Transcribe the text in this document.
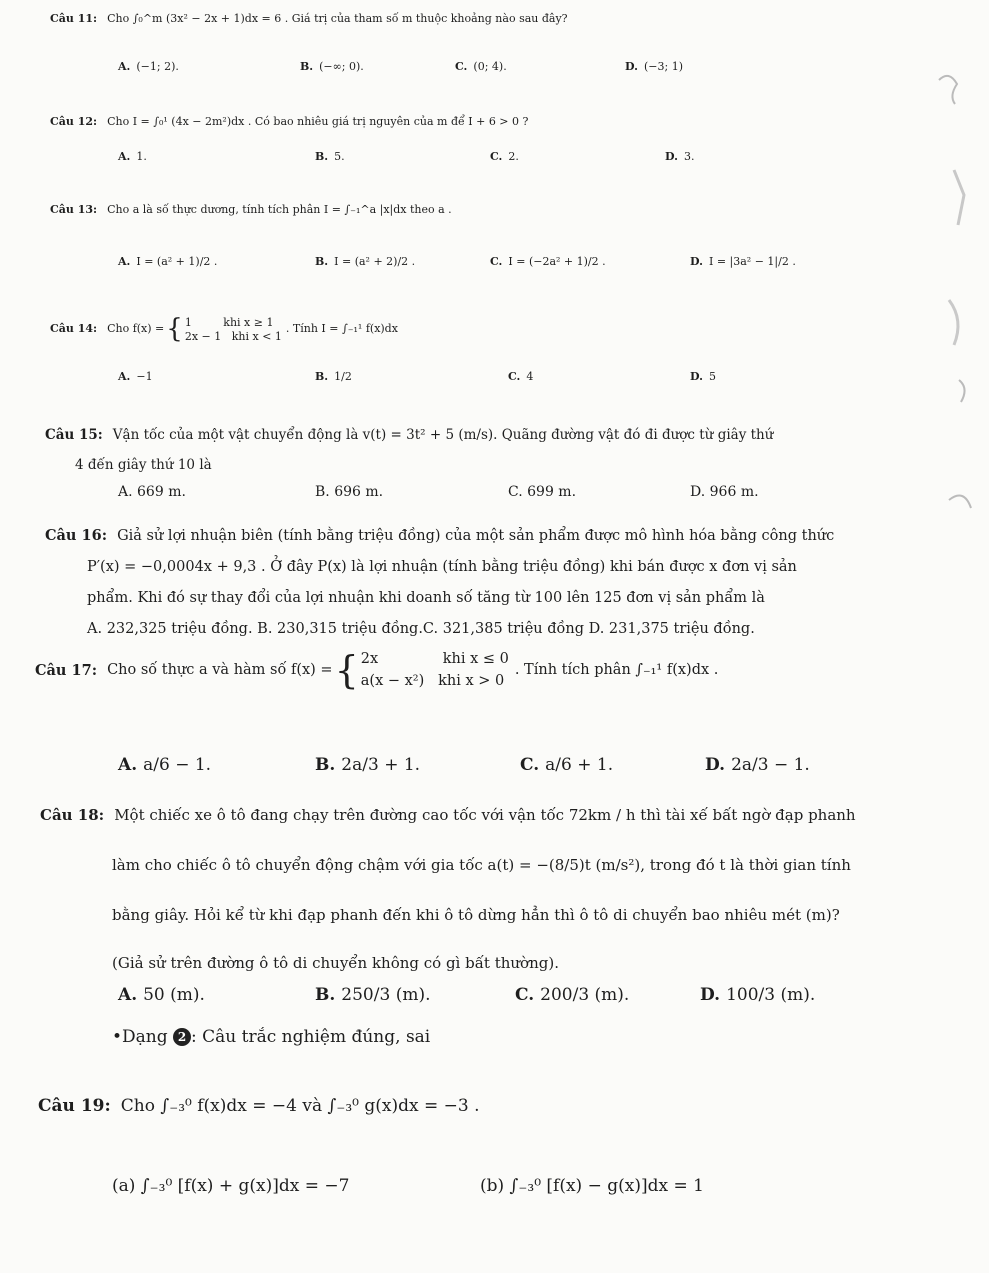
Câu 11: Cho ∫₀^m (3x² − 2x + 1)dx = 6 . Giá trị của tham số m thuộc khoảng nào sau đây?
A. (−1; 2).	B. (−∞; 0).	C. (0; 4).	D. (−3; 1)
Câu 12: Cho I = ∫₀¹ (4x − 2m²)dx . Có bao nhiêu giá trị nguyên của m để I + 6 > 0 ?
A. 1.	B. 5.	C. 2.	D. 3.
Câu 13: Cho a là số thực dương, tính tích phân I = ∫₋₁^a |x|dx theo a .
A. I = (a² + 1)/2 .	B. I = (a² + 2)/2 .	C. I = (−2a² + 1)/2 .	D. I = |3a² − 1|/2 .
Câu 14: Cho f(x) = { 1         khi x ≥ 1
2x − 1   khi x < 1
. Tính I = ∫₋₁¹ f(x)dx
A. −1	B. 1/2	C. 4	D. 5
Câu 15: Vận tốc của một vật chuyển động là v(t) = 3t² + 5 (m/s). Quãng đường vật đó đi được từ giây thứ
4 đến giây thứ 10 là
A. 669 m.	B. 696 m.	C. 699 m.	D. 966 m.
Câu 16: Giả sử lợi nhuận biên (tính bằng triệu đồng) của một sản phẩm được mô hình hóa bằng công thức
P′(x) = −0,0004x + 9,3 . Ở đây P(x) là lợi nhuận (tính bằng triệu đồng) khi bán được x đơn vị sản
phẩm. Khi đó sự thay đổi của lợi nhuận khi doanh số tăng từ 100 lên 125 đơn vị sản phẩm là
A. 232,325 triệu đồng. B. 230,315 triệu đồng.C. 321,385 triệu đồng D. 231,375 triệu đồng.
Câu 17: Cho số thực a và hàm số f(x) = { 2x              khi x ≤ 0
a(x − x²)   khi x > 0
. Tính tích phân ∫₋₁¹ f(x)dx .
A. a/6 − 1.	B. 2a/3 + 1.	C. a/6 + 1.	D. 2a/3 − 1.
Câu 18: Một chiếc xe ô tô đang chạy trên đường cao tốc với vận tốc 72km / h thì tài xế bất ngờ đạp phanh
làm cho chiếc ô tô chuyển động chậm với gia tốc a(t) = −(8/5)t (m/s²), trong đó t là thời gian tính
bằng giây. Hỏi kể từ khi đạp phanh đến khi ô tô dừng hẳn thì ô tô di chuyển bao nhiêu mét (m)?
(Giả sử trên đường ô tô di chuyển không có gì bất thường).
A. 50 (m).	B. 250/3 (m).	C. 200/3 (m).	D. 100/3 (m).
•Dạng 2 : Câu trắc nghiệm đúng, sai
Câu 19: Cho ∫₋₃⁰ f(x)dx = −4 và ∫₋₃⁰ g(x)dx = −3 .
(a) ∫₋₃⁰ [f(x) + g(x)]dx = −7	(b) ∫₋₃⁰ [f(x) − g(x)]dx = 1
